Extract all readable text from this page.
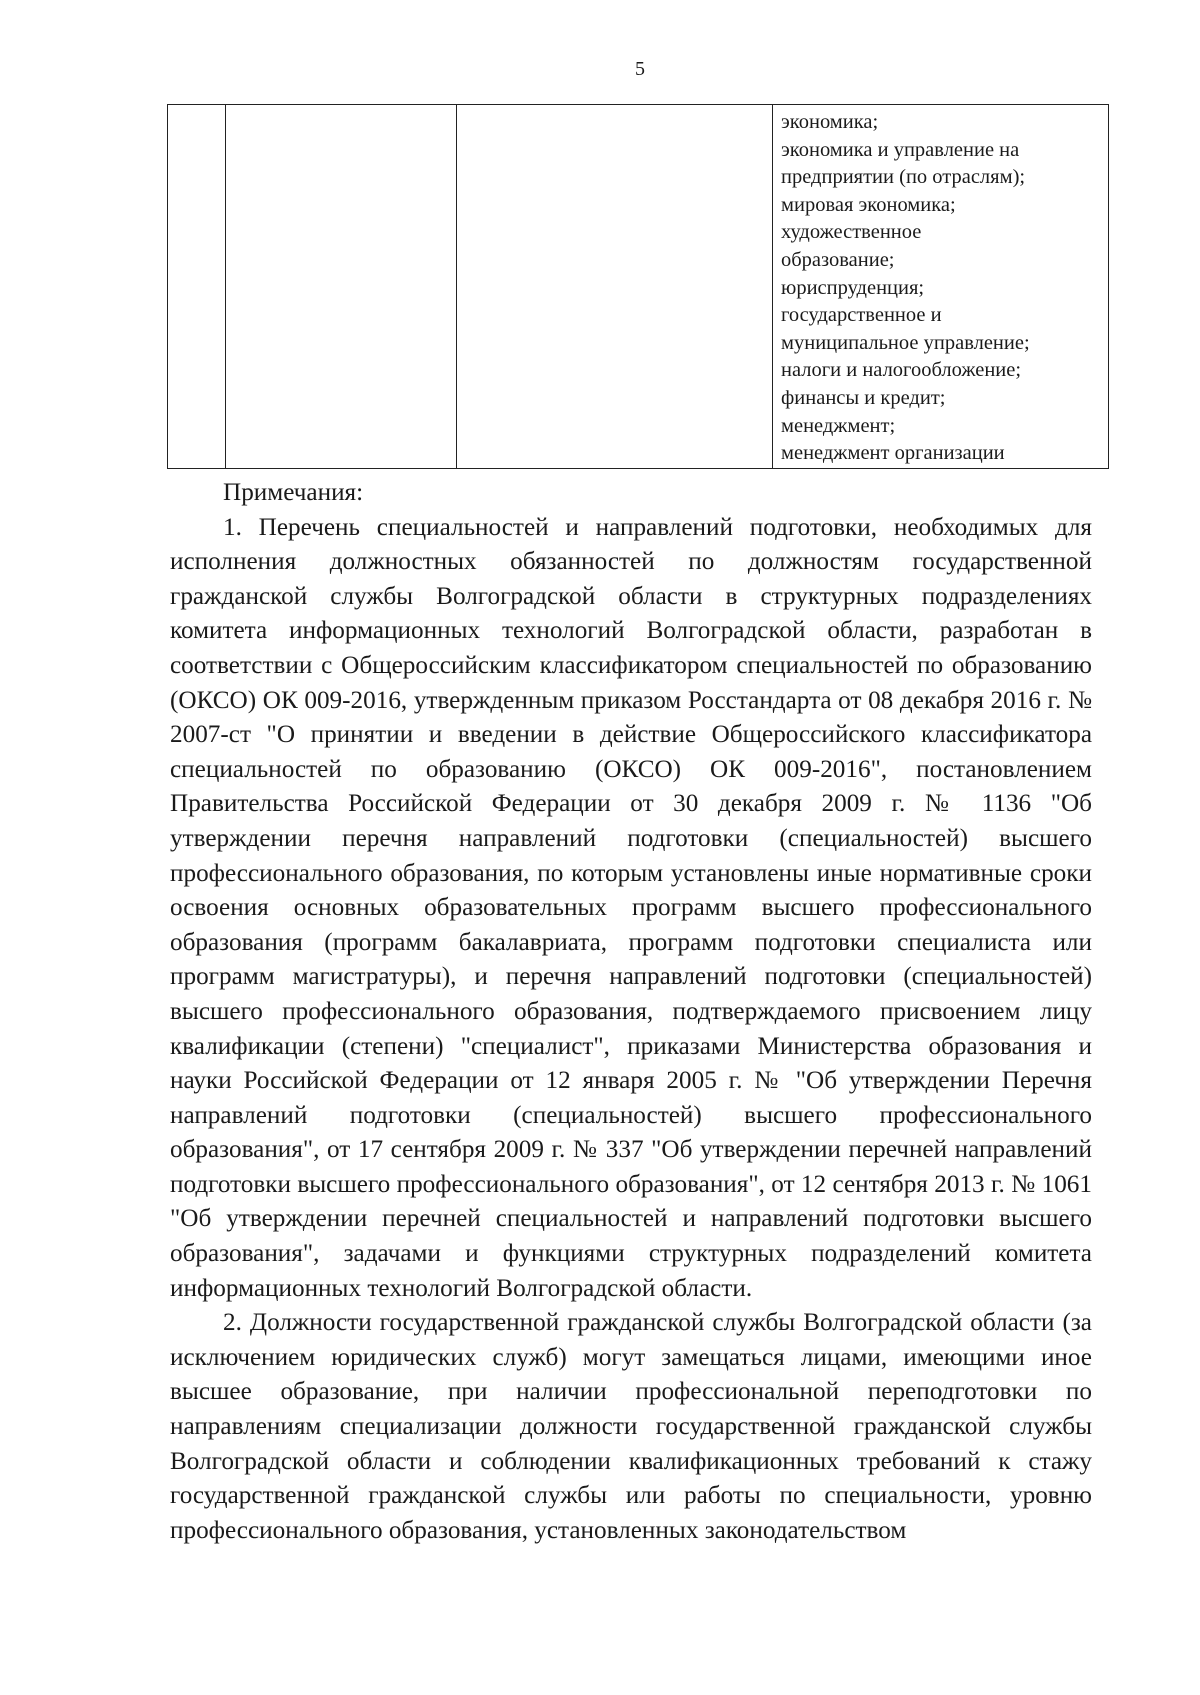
5

экономика;
экономика и управление на
предприятии (по отраслям);
мировая экономика;
художественное
образование;
юриспруденция;
государственное и
муниципальное управление;
налоги и налогообложение;
финансы и кредит;
менеджмент;
менеджмент организации
Примечания:

1. Перечень специальностей и направлений подготовки, необходимых для исполнения должностных обязанностей по должностям государственной гражданской службы Волгоградской области в структурных подразделениях комитета информационных технологий Волгоградской области, разработан в соответствии с Общероссийским классификатором специальностей по образованию (ОКСО) ОК 009-2016, утвержденным приказом Росстандарта от 08 декабря 2016 г. № 2007-ст "О принятии и введении в действие Общероссийского классификатора специальностей по образованию (ОКСО) ОК 009-2016", постановлением Правительства Российской Федерации от 30 декабря 2009 г. № 1136 "Об утверждении перечня направлений подготовки (специальностей) высшего профессионального образования, по которым установлены иные нормативные сроки освоения основных образовательных программ высшего профессионального образования (программ бакалавриата, программ подготовки специалиста или программ магистратуры), и перечня направлений подготовки (специальностей) высшего профессионального образования, подтверждаемого присвоением лицу квалификации (степени) "специалист", приказами Министерства образования и науки Российской Федерации от 12 января 2005 г. № "Об утверждении Перечня направлений подготовки (специальностей) высшего профессионального образования", от 17 сентября 2009 г. № 337 "Об утверждении перечней направлений подготовки высшего профессионального образования", от 12 сентября 2013 г. № 1061 "Об утверждении перечней специальностей и направлений подготовки высшего образования", задачами и функциями структурных подразделений комитета информационных технологий Волгоградской области.

2. Должности государственной гражданской службы Волгоградской области (за исключением юридических служб) могут замещаться лицами, имеющими иное высшее образование, при наличии профессиональной переподготовки по направлениям специализации должности государственной гражданской службы Волгоградской области и соблюдении квалификационных требований к стажу государственной гражданской службы или работы по специальности, уровню профессионального образования, установленных законодательством
